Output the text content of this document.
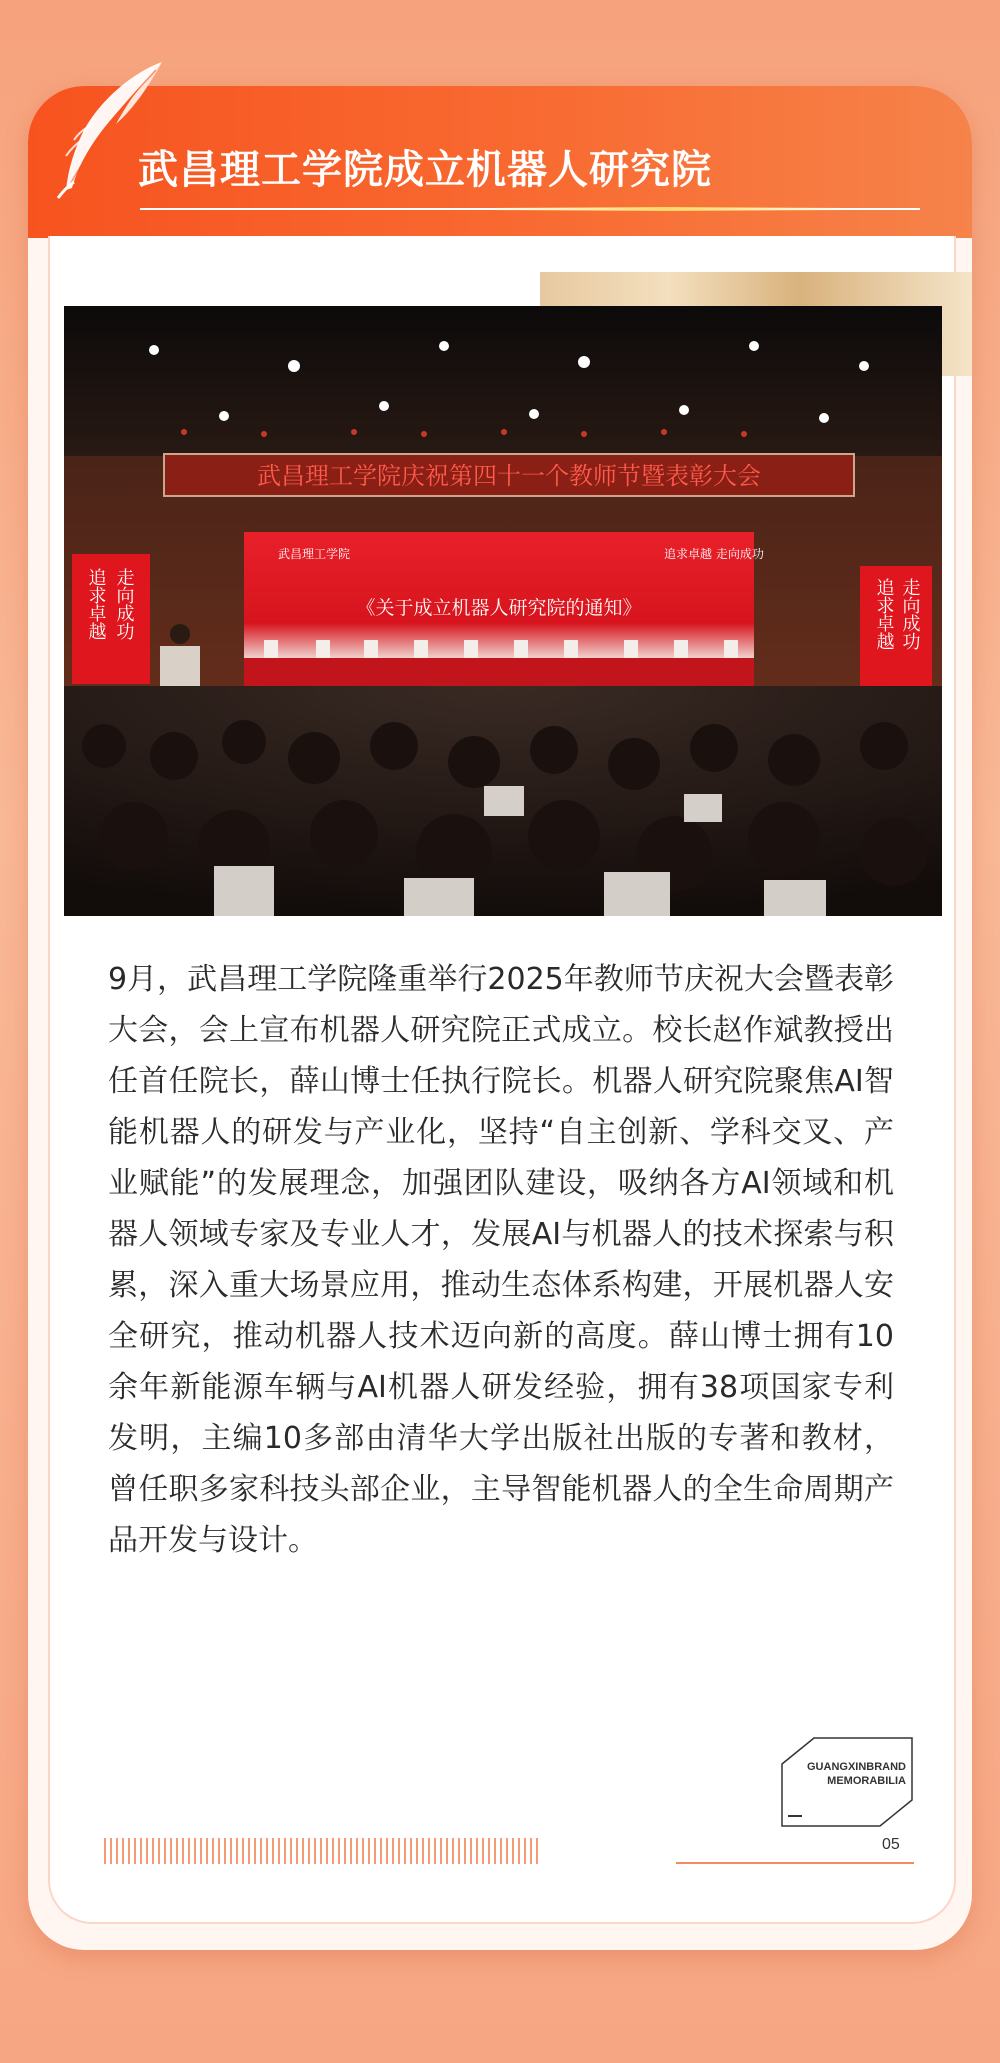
武昌理工学院成立机器人研究院
武昌理工学院庆祝第四十一个教师节暨表彰大会
武昌理工学院	追求卓越 走向成功
《关于成立机器人研究院的通知》
追求卓越 走向成功	追求卓越 走向成功

9月，武昌理工学院隆重举行2025年教师节庆祝大会暨表彰大会，会上宣布机器人研究院正式成立。校长赵作斌教授出任首任院长，薛山博士任执行院长。机器人研究院聚焦AI智能机器人的研发与产业化，坚持“自主创新、学科交叉、产业赋能”的发展理念，加强团队建设，吸纳各方AI领域和机器人领域专家及专业人才，发展AI与机器人的技术探索与积累，深入重大场景应用，推动生态体系构建，开展机器人安全研究，推动机器人技术迈向新的高度。薛山博士拥有10余年新能源车辆与AI机器人研发经验，拥有38项国家专利发明，主编10多部由清华大学出版社出版的专著和教材，曾任职多家科技头部企业，主导智能机器人的全生命周期产品开发与设计。

GUANGXINBRAND
MEMORABILIA
05
